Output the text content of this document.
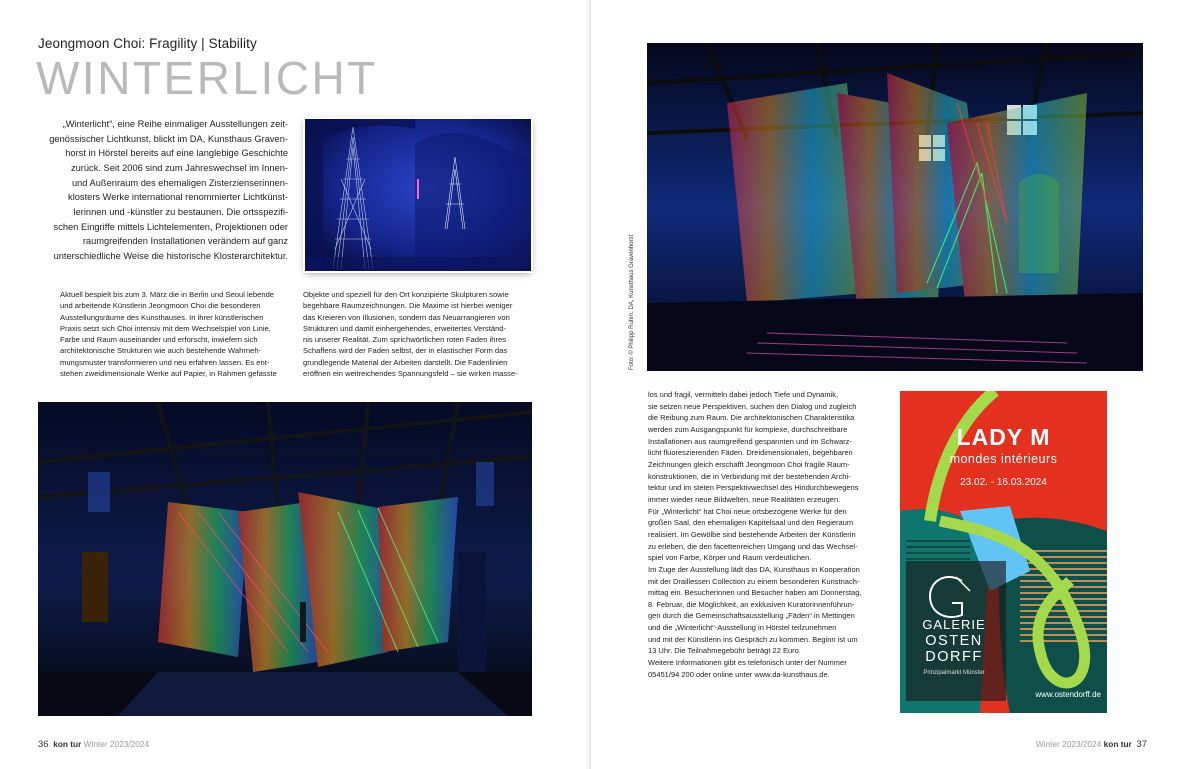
Jeongmoon Choi: Fragility | Stability
WINTERLICHT

„Winterlicht“, eine Reihe einmaliger Ausstellungen zeit-

genössischer Lichtkunst, blickt im DA, Kunsthaus Graven-

horst in Hörstel bereits auf eine langlebige Geschichte

zurück. Seit 2006 sind zum Jahreswechsel im Innen-

und Außenraum des ehemaligen Zisterzienserinnen-

klosters Werke international renommierter Lichtkünst-

lerinnen und -künstler zu bestaunen. Die ortsspezifi-

schen Eingriffe mittels Lichtelementen, Projektionen oder

raumgreifenden Installationen verändern auf ganz

unterschiedliche Weise die historische Klosterarchitektur.

Aktuell bespielt bis zum 3. März die in Berlin und Seoul lebende

und arbeitende Künstlerin Jeongmoon Choi die besonderen

Ausstellungsräume des Kunsthauses. In ihrer künstlerischen

Praxis setzt sich Choi intensiv mit dem Wechselspiel von Linie,

Farbe und Raum auseinander und erforscht, inwiefern sich

architektonische Strukturen wie auch bestehende Wahrneh-

mungsmuster transformieren und neu erfahren lassen. Es ent-

stehen zweidimensionale Werke auf Papier, in Rahmen gefasste

Objekte und speziell für den Ort konzipierte Skulpturen sowie

begehbare Raumzeichnungen. Die Maxime ist hierbei weniger

das Kreieren von Illusionen, sondern das Neuarrangieren von

Strukturen und damit einhergehendes, erweitertes Verständ-

nis unserer Realität. Zum sprichwörtlichen roten Faden ihres

Schaffens wird der Faden selbst, der in elastischer Form das

grundlegende Material der Arbeiten darstellt. Die Fadenlinien

eröffnen ein weitreichendes Spannungsfeld – sie wirken masse-

36 kon tur Winter 2023/2024
Foto: © Philipp Ruhm, DA, Kunsthaus Gravenhorst

los und fragil, vermitteln dabei jedoch Tiefe und Dynamik,

sie setzen neue Perspektiven, suchen den Dialog und zugleich

die Reibung zum Raum. Die architektonischen Charakteristika

werden zum Ausgangspunkt für komplexe, durchschreitbare

Installationen aus raumgreifend gespannten und im Schwarz-

licht fluoreszierenden Fäden. Dreidimensionalen, begehbaren

Zeichnungen gleich erschafft Jeongmoon Choi fragile Raum-

konstruktionen, die in Verbindung mit der bestehenden Archi-

tektur und im steten Perspektivwechsel des Hindurchbewegens

immer wieder neue Bildwelten, neue Realitäten erzeugen.

Für „Winterlicht“ hat Choi neue ortsbezogene Werke für den

großen Saal, den ehemaligen Kapitelsaal und den Regieraum

realisiert. Im Gewölbe sind bestehende Arbeiten der Künstlerin

zu erleben, die den facettenreichen Umgang und das Wechsel-

spiel von Farbe, Körper und Raum verdeutlichen.

Im Zuge der Ausstellung lädt das DA, Kunsthaus in Kooperation

mit der Draillessen Collection zu einem besonderen Kunstnach-

mittag ein. Besucherinnen und Besucher haben am Donnerstag,

8. Februar, die Möglichkeit, an exklusiven Kuratorinnenführun-

gen durch die Gemeinschaftsausstellung „Fäden“ in Mettingen

und die „Winterlicht“-Ausstellung in Hörstel teilzunehmen

und mit der Künstlerin ins Gespräch zu kommen. Beginn ist um

13 Uhr. Die Teilnahmegebühr beträgt 22 Euro.

Weitere Informationen gibt es telefonisch unter der Nummer

05451/94 200 oder online unter www.da-kunsthaus.de.

LADY M
mondes intérieurs
23.02. - 16.03.2024
GALERIE
OSTEN
DORFF
Prinzipalmarkt Münster
www.ostendorff.de
Winter 2023/2024 kon tur 37
